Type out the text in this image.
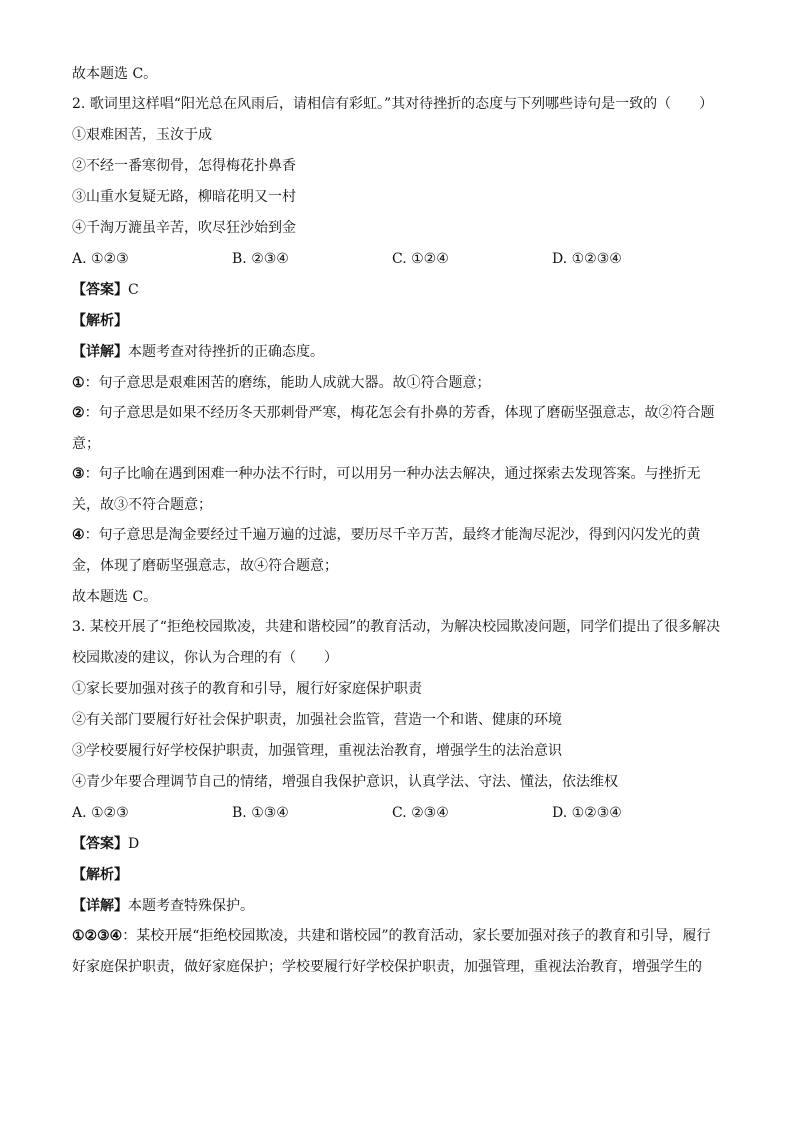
故本题选 C。

2. 歌词里这样唱“阳光总在风雨后，请相信有彩虹。”其对待挫折的态度与下列哪些诗句是一致的（　　）

①艰难困苦，玉汝于成

②不经一番寒彻骨，怎得梅花扑鼻香

③山重水复疑无路，柳暗花明又一村

④千淘万漉虽辛苦，吹尽狂沙始到金

A. ①②③	B. ②③④	C. ①②④	D. ①②③④

【答案】C

【解析】

【详解】本题考查对待挫折的正确态度。

①：句子意思是艰难困苦的磨练，能助人成就大器。故①符合题意；

②：句子意思是如果不经历冬天那刺骨严寒，梅花怎会有扑鼻的芳香，体现了磨砺坚强意志，故②符合题意；

③：句子比喻在遇到困难一种办法不行时，可以用另一种办法去解决，通过探索去发现答案。与挫折无关，故③不符合题意；

④：句子意思是淘金要经过千遍万遍的过滤，要历尽千辛万苦，最终才能淘尽泥沙，得到闪闪发光的黄金，体现了磨砺坚强意志，故④符合题意；

故本题选 C。

3. 某校开展了“拒绝校园欺凌，共建和谐校园”的教育活动，为解决校园欺凌问题，同学们提出了很多解决校园欺凌的建议，你认为合理的有（　　）

①家长要加强对孩子的教育和引导，履行好家庭保护职责

②有关部门要履行好社会保护职责，加强社会监管，营造一个和谐、健康的环境

③学校要履行好学校保护职责，加强管理，重视法治教育，增强学生的法治意识

④青少年要合理调节自己的情绪，增强自我保护意识，认真学法、守法、懂法，依法维权

A. ①②③	B. ①③④	C. ②③④	D. ①②③④

【答案】D

【解析】

【详解】本题考查特殊保护。

①②③④：某校开展“拒绝校园欺凌，共建和谐校园”的教育活动，家长要加强对孩子的教育和引导，履行好家庭保护职责，做好家庭保护；学校要履行好学校保护职责，加强管理，重视法治教育，增强学生的
